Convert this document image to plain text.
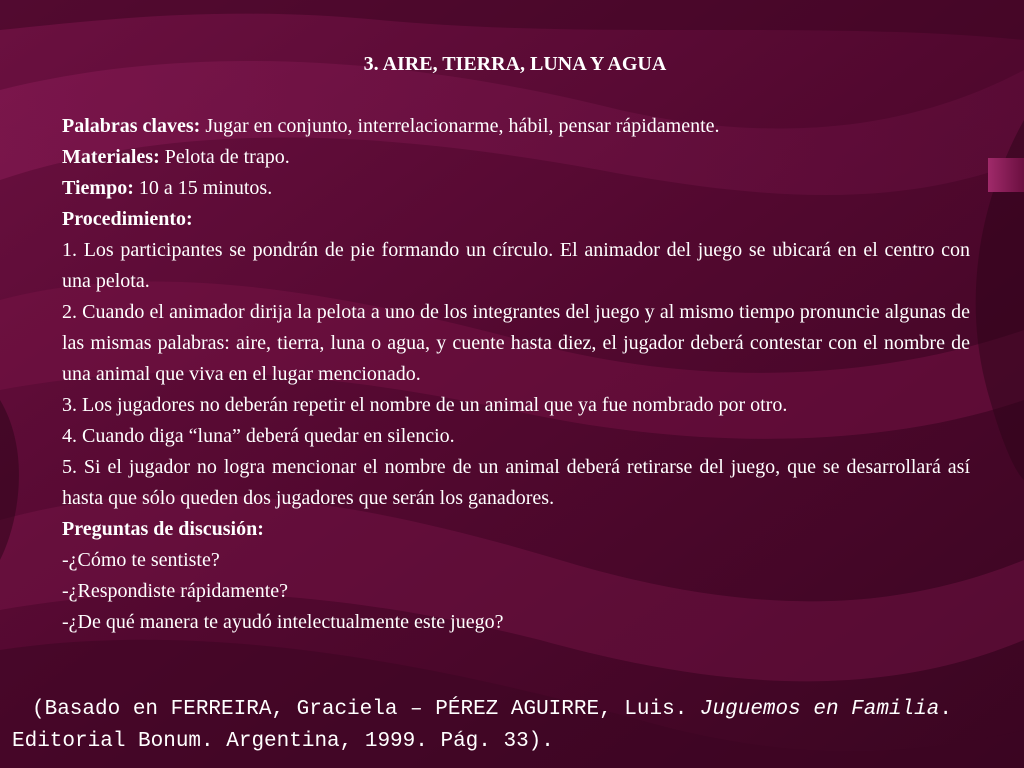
3. AIRE, TIERRA, LUNA Y AGUA

Palabras claves: Jugar en conjunto, interrelacionarme, hábil, pensar rápidamente.

Materiales: Pelota de trapo.

Tiempo: 10 a 15 minutos.

Procedimiento:

1. Los participantes se pondrán de pie formando un círculo. El animador del juego se ubicará en el centro con una pelota.

2. Cuando el animador dirija la pelota a uno de los integrantes del juego y al mismo tiempo pronuncie algunas de las mismas palabras: aire, tierra, luna o agua, y cuente hasta diez, el jugador deberá contestar con el nombre de una animal que viva en el lugar mencionado.

3. Los jugadores no deberán repetir el nombre de un animal que ya fue nombrado por otro.

4. Cuando diga “luna” deberá quedar en silencio.

5. Si el jugador no logra mencionar el nombre de un animal deberá retirarse del juego, que se desarrollará así hasta que sólo queden dos jugadores que serán los ganadores.

Preguntas de discusión:

-¿Cómo te sentiste?

-¿Respondiste rápidamente?

-¿De qué manera te ayudó intelectualmente este juego?

(Basado en FERREIRA, Graciela – PÉREZ AGUIRRE, Luis. Juguemos en Familia. Editorial Bonum. Argentina, 1999. Pág. 33).
